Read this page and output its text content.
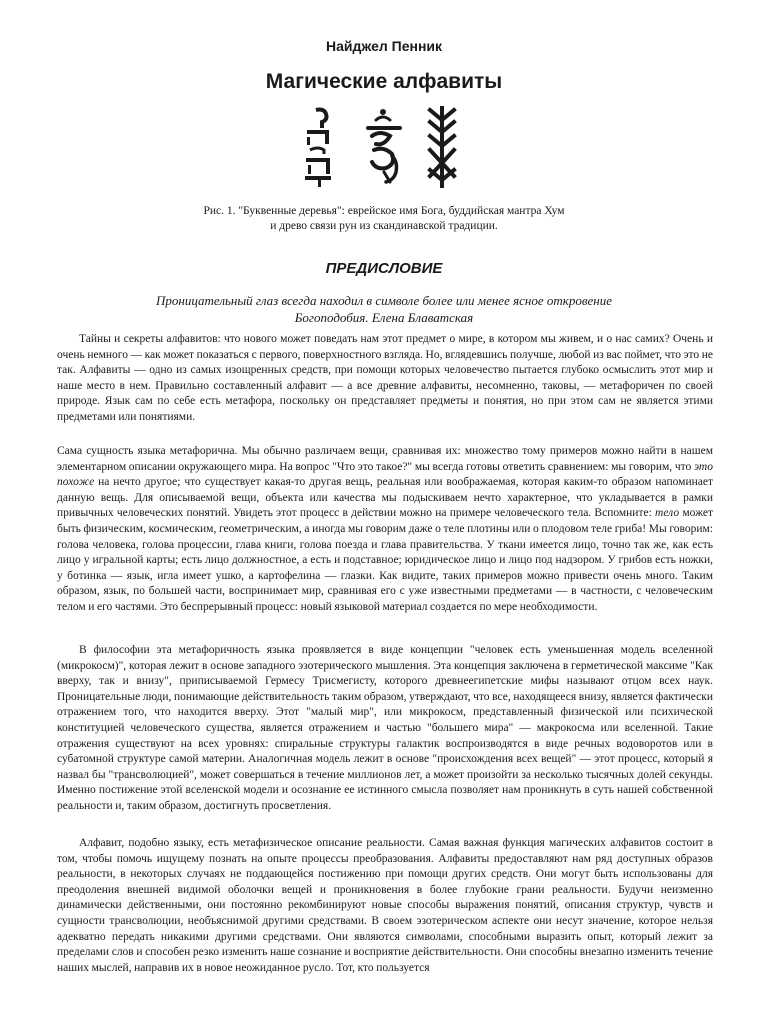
Найджел Пенник
Магические алфавиты
Рис. 1. "Буквенные деревья": еврейское имя Бога, буддийская мантра Хум
и древо связи рун из скандинавской традиции.
ПРЕДИСЛОВИЕ
Проницательный глаз всегда находил в символе более или менее ясное откровение
Богоподобия. Елена Блаватская

Тайны и секреты алфавитов: что нового может поведать нам этот предмет о мире, в котором мы живем, и о нас самих? Очень и очень немного — как может показаться с первого, поверхностного взгляда. Но, вглядевшись получше, любой из вас поймет, что это не так. Алфавиты — одно из самых изощренных средств, при помощи которых человечество пытается глубоко осмыслить этот мир и наше место в нем. Правильно составленный алфавит — а все древние алфавиты, несомненно, таковы, — метафоричен по своей природе. Язык сам по себе есть метафора, поскольку он представляет предметы и понятия, но при этом сам не является этими предметами или понятиями.

Сама сущность языка метафорична. Мы обычно различаем вещи, сравнивая их: множество тому примеров можно найти в нашем элементарном описании окружающего мира. На вопрос "Что это такое?" мы всегда готовы ответить сравнением: мы говорим, что это похоже на нечто другое; что существует какая-то другая вещь, реальная или воображаемая, которая каким-то образом напоминает данную вещь. Для описываемой вещи, объекта или качества мы подыскиваем нечто характерное, что укладывается в рамки привычных человеческих понятий. Увидеть этот процесс в действии можно на примере человеческого тела. Вспомните: тело может быть физическим, космическим, геометрическим, а иногда мы говорим даже о теле плотины или о плодовом теле гриба! Мы говорим: голова человека, голова процессии, глава книги, голова поезда и глава правительства. У ткани имеется лицо, точно так же, как есть лицо у игральной карты; есть лицо должностное, а есть и подставное; юридическое лицо и лицо под надзором. У грибов есть ножки, у ботинка — язык, игла имеет ушко, а картофелина — глазки. Как видите, таких примеров можно привести очень много. Таким образом, язык, по большей части, воспринимает мир, сравнивая его с уже известными предметами — в частности, с человеческим телом и его частями. Это беспрерывный процесс: новый языковой материал создается по мере необходимости.

В философии эта метафоричность языка проявляется в виде концепции "человек есть уменьшенная модель вселенной (микрокосм)", которая лежит в основе западного эзотерического мышления. Эта концепция заключена в герметической максиме "Как вверху, так и внизу", приписываемой Гермесу Трисмегисту, которого древнеегипетские мифы называют отцом всех наук. Проницательные люди, понимающие действительность таким образом, утверждают, что все, находящееся внизу, является фактически отражением того, что находится вверху. Этот "малый мир", или микрокосм, представленный физической или психической конституцией человеческого существа, является отражением и частью "большего мира" — макрокосма или вселенной. Такие отражения существуют на всех уровнях: спиральные структуры галактик воспроизводятся в виде речных водоворотов или в субатомной структуре самой материи. Аналогичная модель лежит в основе "происхождения всех вещей" — этот процесс, который я назвал бы "трансволюцией", может совершаться в течение миллионов лет, а может произойти за несколько тысячных долей секунды. Именно постижение этой вселенской модели и осознание ее истинного смысла позволяет нам проникнуть в суть нашей собственной реальности и, таким образом, достигнуть просветления.

Алфавит, подобно языку, есть метафизическое описание реальности. Самая важная функция магических алфавитов состоит в том, чтобы помочь ищущему познать на опыте процессы преобразования. Алфавиты предоставляют нам ряд доступных образов реальности, в некоторых случаях не поддающейся постижению при помощи других средств. Они могут быть использованы для преодоления внешней видимой оболочки вещей и проникновения в более глубокие грани реальности. Будучи неизменно динамически действенными, они постоянно рекомбинируют новые способы выражения понятий, описания структур, чувств и сущности трансволюции, необъяснимой другими средствами. В своем эзотерическом аспекте они несут значение, которое нельзя адекватно передать никакими другими средствами. Они являются символами, способными выразить опыт, который лежит за пределами слов и способен резко изменить наше сознание и восприятие действительности. Они способны внезапно изменить течение наших мыслей, направив их в новое неожиданное русло. Тот, кто пользуется
